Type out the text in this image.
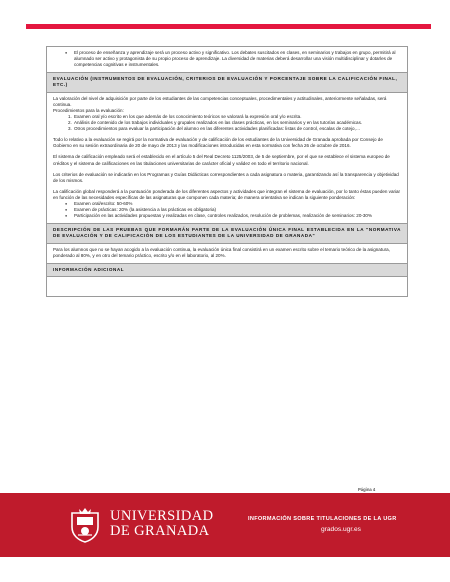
● El proceso de enseñanza y aprendizaje será un proceso activo y significativo. Los debates suscitados en clases, en seminarios y trabajos en grupo, permitirá al alumnado ser activo y protagonista de su propio proceso de aprendizaje. La diversidad de materias deberá desarrollar una visión multidisciplinar y dotarles de competencias cognitivas e instrumentales.
EVALUACIÓN (INSTRUMENTOS DE EVALUACIÓN, CRITERIOS DE EVALUACIÓN Y PORCENTAJE SOBRE LA CALIFICACIÓN FINAL, ETC.)

La valoración del nivel de adquisición por parte de los estudiantes de las competencias conceptuales, procedimentales y actitudinales, anteriormente señaladas, será continua.

Procedimientos para la evaluación:

1. Examen oral y/o escrito en los que además de los conocimiento teóricos se valorará la expresión oral y/o escrita.
2. Análisis de contenido de los trabajos individuales y grupales realizados en las clases prácticas, en los seminarios y en las tutorías académicas.
3. Otros procedimientos para evaluar la participación del alumno en las diferentes actividades planificadas: listas de control, escalas de cotejo,…

Todo lo relativo a la evaluación se regirá por la normativa de evaluación y de calificación de los estudiantes de la Universidad de Granada aprobada por Consejo de Gobierno en su sesión extraordinaria de 20 de mayo de 2013 y las modificaciones introducidas en esta normativa con fecha 26 de octubre de 2016.

El sistema de calificación empleado será el establecido en el artículo 5 del Real Decreto 1125/2003, de 5 de septiembre, por el que se establece el sistema europeo de créditos y el sistema de calificaciones en las titulaciones universitarias de carácter oficial y validez en todo el territorio nacional.

Los criterios de evaluación se indicarán en los Programas y Guías Didácticas correspondientes a cada asignatura o materia, garantizando así la transparencia y objetividad de los mismos.

La calificación global responderá a la puntuación ponderada de los diferentes aspectos y actividades que integran el sistema de evaluación, por lo tanto éstas pueden variar en función de las necesidades específicas de las asignaturas que componen cada materia; de manera orientativa se indican la siguiente ponderación:

● Examen oral/escrito: 50-60%
● Examen de prácticas: 20% (la asistencia a las prácticas es obligatoria)
● Participación en las actividades propuestas y realizadas en clase, controles realizados, resolución de problemas, realización de seminarios: 20-30%
DESCRIPCIÓN DE LAS PRUEBAS QUE FORMARÁN PARTE DE LA EVALUACIÓN ÚNICA FINAL ESTABLECIDA EN LA "NORMATIVA DE EVALUACIÓN Y DE CALIFICACIÓN DE LOS ESTUDIANTES DE LA UNIVERSIDAD DE GRANADA"
Para los alumnos que no se hayan acogido a la evaluación continua, la evaluación única final consistirá en un examen escrito sobre el temario teórico de la asignatura, ponderado al 80%, y en otro del temario práctico, escrito y/o en el laboratorio, al 20%.
INFORMACIÓN ADICIONAL
Página 4
UNIVERSIDAD
DE GRANADA
INFORMACIÓN SOBRE TITULACIONES DE LA UGR
grados.ugr.es
